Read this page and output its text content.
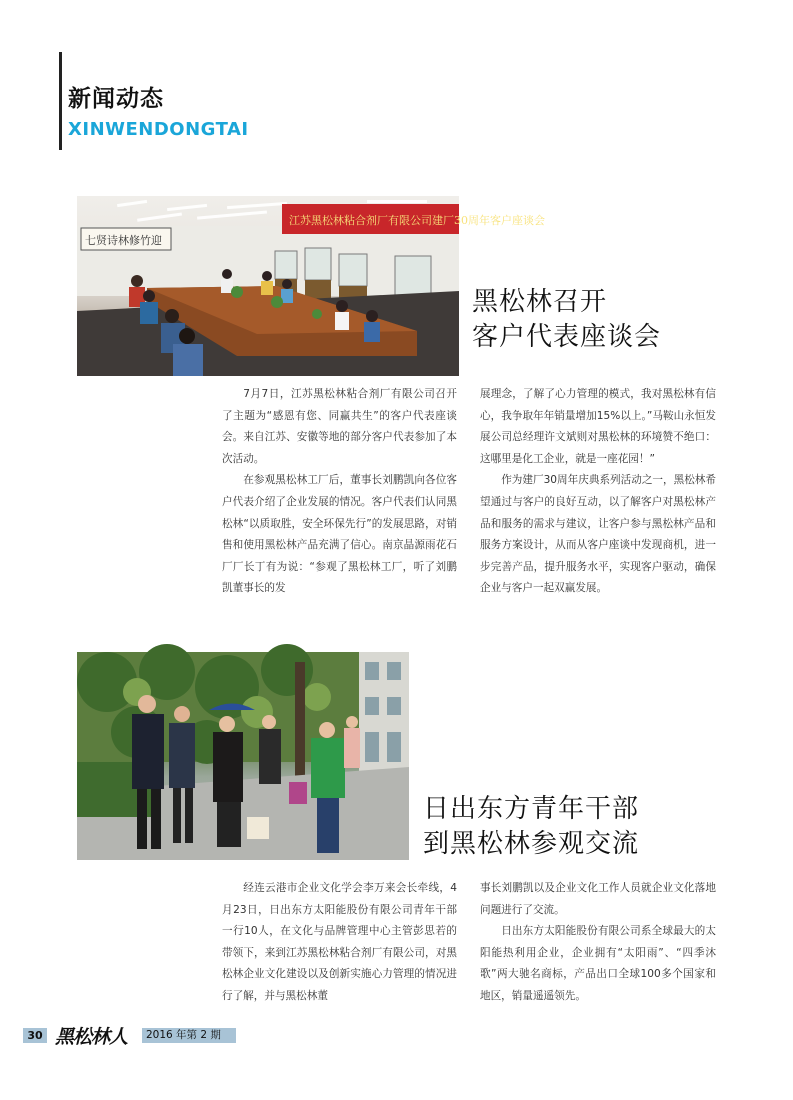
新闻动态
XINWENDONGTAI
江苏黑松林粘合剂厂有限公司建厂30周年客户座谈会
七贤诗林修竹迎
黑松林召开
客户代表座谈会

7月7日，江苏黑松林粘合剂厂有限公司召开了主题为“感恩有您、同赢共生”的客户代表座谈会。来自江苏、安徽等地的部分客户代表参加了本次活动。

在参观黑松林工厂后，董事长刘鹏凯向各位客户代表介绍了企业发展的情况。客户代表们认同黑松林“以质取胜，安全环保先行”的发展思路，对销售和使用黑松林产品充满了信心。南京晶源雨花石厂厂长丁有为说：“参观了黑松林工厂，听了刘鹏凯董事长的发

展理念，了解了心力管理的模式，我对黑松林有信心，我争取年年销量增加15%以上。”马鞍山永恒发展公司总经理许文斌则对黑松林的环境赞不绝口：这哪里是化工企业，就是一座花园！”

作为建厂30周年庆典系列活动之一，黑松林希望通过与客户的良好互动，以了解客户对黑松林产品和服务的需求与建议，让客户参与黑松林产品和服务方案设计，从而从客户座谈中发现商机，进一步完善产品，提升服务水平，实现客户驱动，确保企业与客户一起双赢发展。

日出东方青年干部
到黑松林参观交流

经连云港市企业文化学会李万来会长牵线，4月23日，日出东方太阳能股份有限公司青年干部一行10人，在文化与品牌管理中心主管彭思若的带领下，来到江苏黑松林粘合剂厂有限公司，对黑松林企业文化建设以及创新实施心力管理的情况进行了解，并与黑松林董

事长刘鹏凯以及企业文化工作人员就企业文化落地问题进行了交流。

日出东方太阳能股份有限公司系全球最大的太阳能热利用企业，企业拥有“太阳雨”、“四季沐歌”两大驰名商标，产品出口全球100多个国家和地区，销量遥遥领先。

30 黑松林人	2016 年第 2 期
